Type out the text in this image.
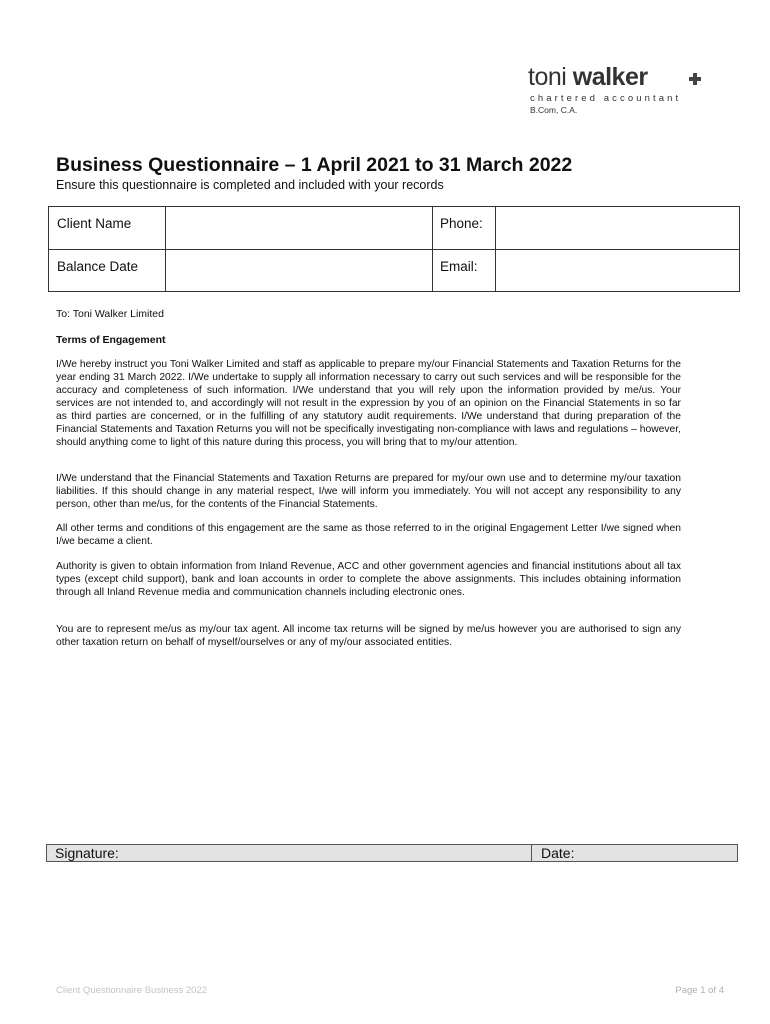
toni walker
chartered accountant
B.Com, C.A.
Business Questionnaire – 1 April 2021 to 31 March 2022
Ensure this questionnaire is completed and included with your records
Client Name	Phone:
Balance Date	Email:
To: Toni Walker Limited
Terms of Engagement
I/We hereby instruct you Toni Walker Limited and staff as applicable to prepare my/our Financial Statements and Taxation Returns for the year ending 31 March 2022. I/We undertake to supply all information necessary to carry out such services and will be responsible for the accuracy and completeness of such information. I/We understand that you will rely upon the information provided by me/us. Your services are not intended to, and accordingly will not result in the expression by you of an opinion on the Financial Statements in so far as third parties are concerned, or in the fulfilling of any statutory audit requirements. I/We understand that during preparation of the Financial Statements and Taxation Returns you will not be specifically investigating non-compliance with laws and regulations – however, should anything come to light of this nature during this process, you will bring that to my/our attention.
I/We understand that the Financial Statements and Taxation Returns are prepared for my/our own use and to determine my/our taxation liabilities. If this should change in any material respect, I/we will inform you immediately. You will not accept any responsibility to any person, other than me/us, for the contents of the Financial Statements.
All other terms and conditions of this engagement are the same as those referred to in the original Engagement Letter I/we signed when I/we became a client.
Authority is given to obtain information from Inland Revenue, ACC and other government agencies and financial institutions about all tax types (except child support), bank and loan accounts in order to complete the above assignments. This includes obtaining information through all Inland Revenue media and communication channels including electronic ones.
You are to represent me/us as my/our tax agent. All income tax returns will be signed by me/us however you are authorised to sign any other taxation return on behalf of myself/ourselves or any of my/our associated entities.
Signature:	Date:
Client Questionnaire Business 2022	Page 1 of 4
